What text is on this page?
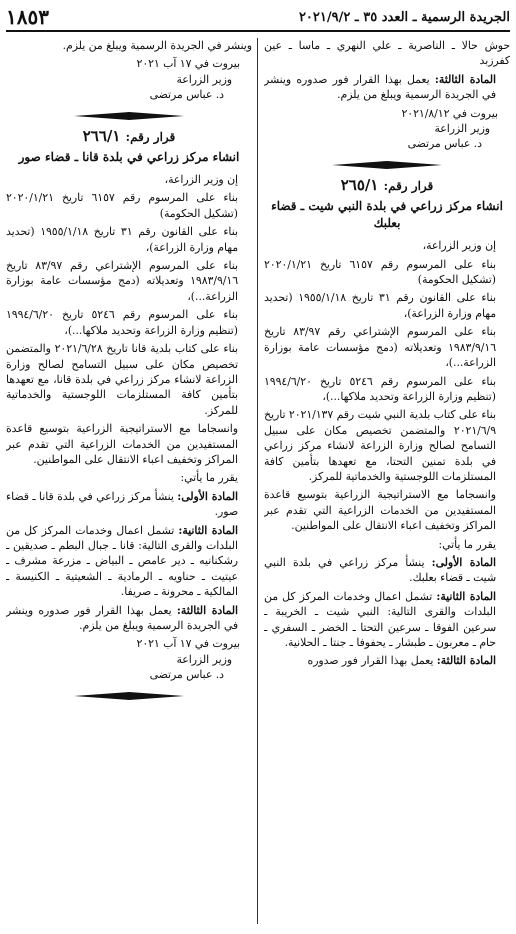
الجريدة الرسمية ـ العدد ٣٥ ـ ٢٠٢١/٩/٢
١٨٥٣

حوش حالا ـ الناصرية ـ علي النهري ـ ماسا ـ عين كفرزبد

المادة الثالثة: يعمل بهذا القرار فور صدوره وينشر في الجريدة الرسمية ويبلغ من يلزم.

بيروت في ٢٠٢١/٨/١٢

وزير الزراعة

د. عباس مرتضى

قرار رقم: ٢٦٥/١
انشاء مركز زراعي في بلدة النبي شيت ـ قضاء بعلبك

إن وزير الزراعة،

بناء على المرسوم رقم ٦١٥٧ تاريخ ٢٠٢٠/١/٢١ (تشكيل الحكومة)

بناء على القانون رقم ٣١ تاريخ ١٩٥٥/١/١٨ (تحديد مهام وزارة الزراعة)،

بناء على المرسوم الإشتراعي رقم ٨٣/٩٧ تاريخ ١٩٨٣/٩/١٦ وتعديلاته (دمج مؤسسات عامة بوزارة الزراعة...)،

بناء على المرسوم رقم ٥٢٤٦ تاريخ ١٩٩٤/٦/٢٠ (تنظيم وزارة الزراعة وتحديد ملاكها...)،

بناء على كتاب بلدية النبي شيت رقم ٢٠٢١/١٣٧ تاريخ ٢٠٢١/٦/٩ والمتضمن تخصيص مكان على سبيل التسامح لصالح وزارة الزراعة لانشاء مركز زراعي في بلدة تمنين التحتا، مع تعهدها بتأمين كافة المستلزمات اللوجستية والخدماتية للمركز.

وانسجاما مع الاستراتيجية الزراعية بتوسيع قاعدة المستفيدين من الخدمات الزراعية التي تقدم عبر المراكز وتخفيف اعباء الانتقال على المواطنين.

يقرر ما يأتي:

المادة الأولى: ينشأ مركز زراعي في بلدة النبي شيت ـ قضاء بعلبك.

المادة الثانية: تشمل اعمال وخدمات المركز كل من البلدات والقرى التالية: النبي شيت ـ الخريبة ـ سرعين الفوقا ـ سرعين التحتا ـ الخضر ـ السفري ـ حام ـ معربون ـ طبشار ـ يحفوفا ـ جنتا ـ الحلانية.

المادة الثالثة: يعمل بهذا القرار فور صدوره

وينشر في الجريدة الرسمية ويبلغ من يلزم.

بيروت في ١٧ آب ٢٠٢١

وزير الزراعة

د. عباس مرتضى

قرار رقم: ٢٦٦/١
انشاء مركز زراعي في بلدة قانا ـ قضاء صور

إن وزير الزراعة،

بناء على المرسوم رقم ٦١٥٧ تاريخ ٢٠٢٠/١/٢١ (تشكيل الحكومة)

بناء على القانون رقم ٣١ تاريخ ١٩٥٥/١/١٨ (تحديد مهام وزارة الزراعة)،

بناء على المرسوم الإشتراعي رقم ٨٣/٩٧ تاريخ ١٩٨٣/٩/١٦ وتعديلاته (دمج مؤسسات عامة بوزارة الزراعة...)،

بناء على المرسوم رقم ٥٢٤٦ تاريخ ١٩٩٤/٦/٢٠ (تنظيم وزارة الزراعة وتحديد ملاكها...)،

بناء على كتاب بلدية قانا تاريخ ٢٠٢١/٦/٢٨ والمتضمن تخصيص مكان على سبيل التسامح لصالح وزارة الزراعة لانشاء مركز زراعي في بلدة قانا، مع تعهدها بتأمين كافة المستلزمات اللوجستية والخدماتية للمركز.

وانسجاما مع الاستراتيجية الزراعية بتوسيع قاعدة المستفيدين من الخدمات الزراعية التي تقدم عبر المراكز وتخفيف اعباء الانتقال على المواطنين.

يقرر ما يأتي:

المادة الأولى: ينشأ مركز زراعي في بلدة قانا ـ قضاء صور.

المادة الثانية: تشمل اعمال وخدمات المركز كل من البلدات والقرى التالية: قانا ـ جبال البطم ـ صديقين ـ رشكنانيه ـ دير عامص ـ البياض ـ مزرعة مشرف ـ عيتيت ـ حناويه ـ الرمادية ـ الشعيتية ـ الكنيسة ـ المالكية ـ محرونة ـ صريفا.

المادة الثالثة: يعمل بهذا القرار فور صدوره وينشر في الجريدة الرسمية ويبلغ من يلزم.

بيروت في ١٧ آب ٢٠٢١

وزير الزراعة

د. عباس مرتضى
